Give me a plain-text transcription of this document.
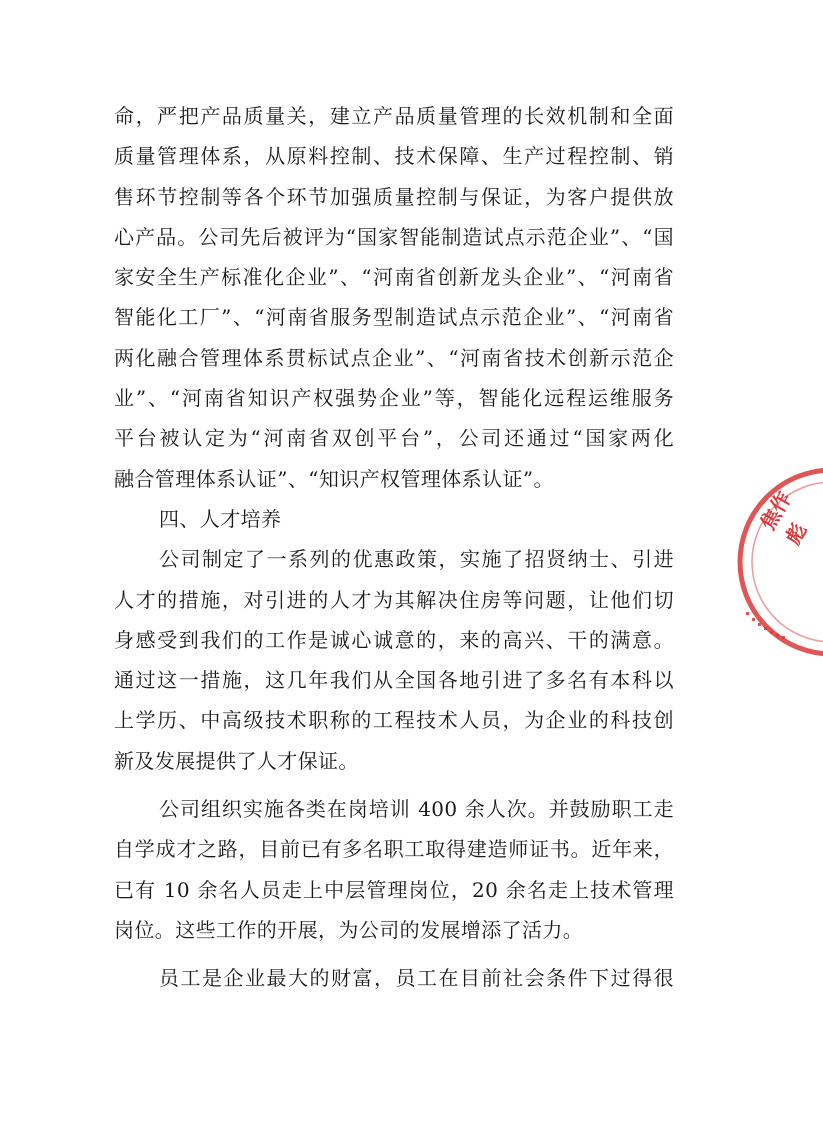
命，严把产品质量关，建立产品质量管理的长效机制和全面
质量管理体系，从原料控制、技术保障、生产过程控制、销
售环节控制等各个环节加强质量控制与保证，为客户提供放
心产品。公司先后被评为“国家智能制造试点示范企业”、“国
家安全生产标准化企业”、“河南省创新龙头企业”、“河南省
智能化工厂”、“河南省服务型制造试点示范企业”、“河南省
两化融合管理体系贯标试点企业”、“河南省技术创新示范企
业”、“河南省知识产权强势企业”等，智能化远程运维服务
平台被认定为“河南省双创平台”，公司还通过“国家两化
融合管理体系认证”、“知识产权管理体系认证”。
四、人才培养
公司制定了一系列的优惠政策，实施了招贤纳士、引进
人才的措施，对引进的人才为其解决住房等问题，让他们切
身感受到我们的工作是诚心诚意的，来的高兴、干的满意。
通过这一措施，这几年我们从全国各地引进了多名有本科以
上学历、中高级技术职称的工程技术人员，为企业的科技创
新及发展提供了人才保证。
公司组织实施各类在岗培训 400 余人次。并鼓励职工走
自学成才之路，目前已有多名职工取得建造师证书。近年来，
已有 10 余名人员走上中层管理岗位，20 余名走上技术管理
岗位。这些工作的开展，为公司的发展增添了活力。
员工是企业最大的财富，员工在目前社会条件下过得很
焦作彪
